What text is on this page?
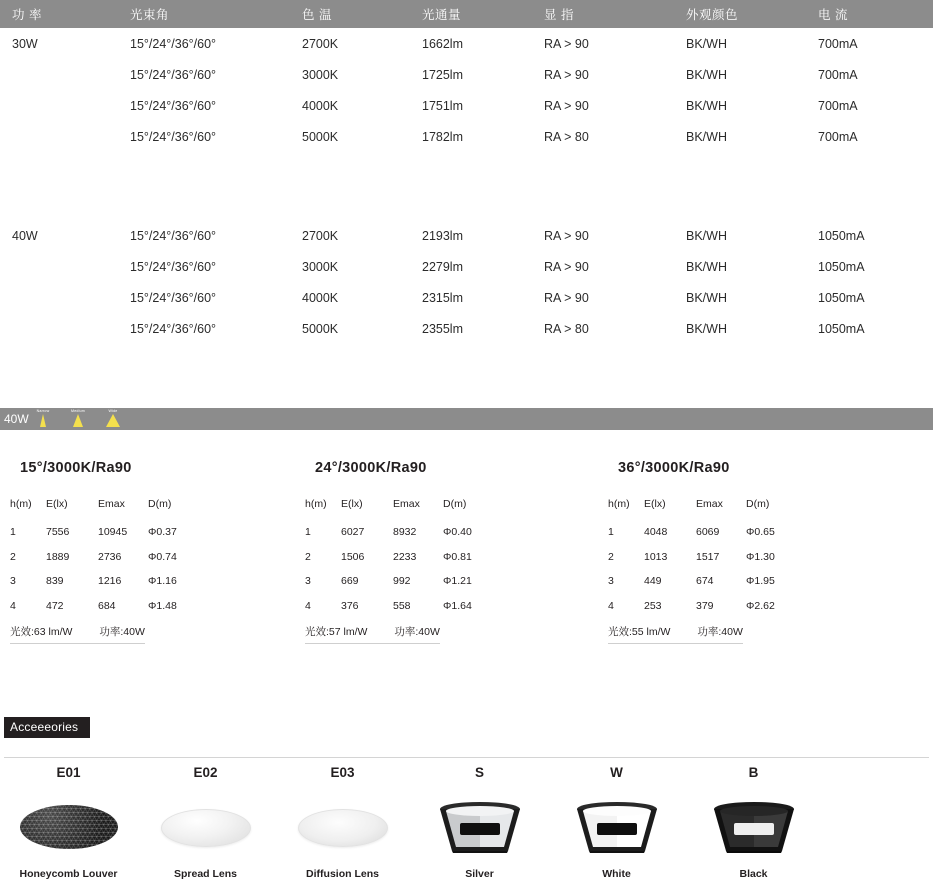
功 率	光束角	色 温	光通量	显 指	外观颜色	电 流
30W	15°/24°/36°/60°	2700K	1662lm	RA > 90	BK/WH	700mA
	15°/24°/36°/60°	3000K	1725lm	RA > 90	BK/WH	700mA
	15°/24°/36°/60°	4000K	1751lm	RA > 90	BK/WH	700mA
	15°/24°/36°/60°	5000K	1782lm	RA > 80	BK/WH	700mA

40W	15°/24°/36°/60°	2700K	2193lm	RA > 90	BK/WH	1050mA
	15°/24°/36°/60°	3000K	2279lm	RA > 90	BK/WH	1050mA
	15°/24°/36°/60°	4000K	2315lm	RA > 90	BK/WH	1050mA
	15°/24°/36°/60°	5000K	2355lm	RA > 80	BK/WH	1050mA
40W
Narrow	Medium	Wide
15°/3000K/Ra90
h(m)	E(lx)	Emax	D(m)
1	7556	10945	Φ0.37
2	1889	2736	Φ0.74
3	839	1216	Φ1.16
4	472	684	Φ1.48
光效:63 lm/W	功率:40W
24°/3000K/Ra90
h(m)	E(lx)	Emax	D(m)
1	6027	8932	Φ0.40
2	1506	2233	Φ0.81
3	669	992	Φ1.21
4	376	558	Φ1.64
光效:57 lm/W	功率:40W
36°/3000K/Ra90
h(m)	E(lx)	Emax	D(m)
1	4048	6069	Φ0.65
2	1013	1517	Φ1.30
3	449	674	Φ1.95
4	253	379	Φ2.62
光效:55 lm/W	功率:40W
Acceeeories
E01
Honeycomb Louver
E02
Spread Lens
E03
Diffusion Lens
S
Silver
W
White
B
Black
